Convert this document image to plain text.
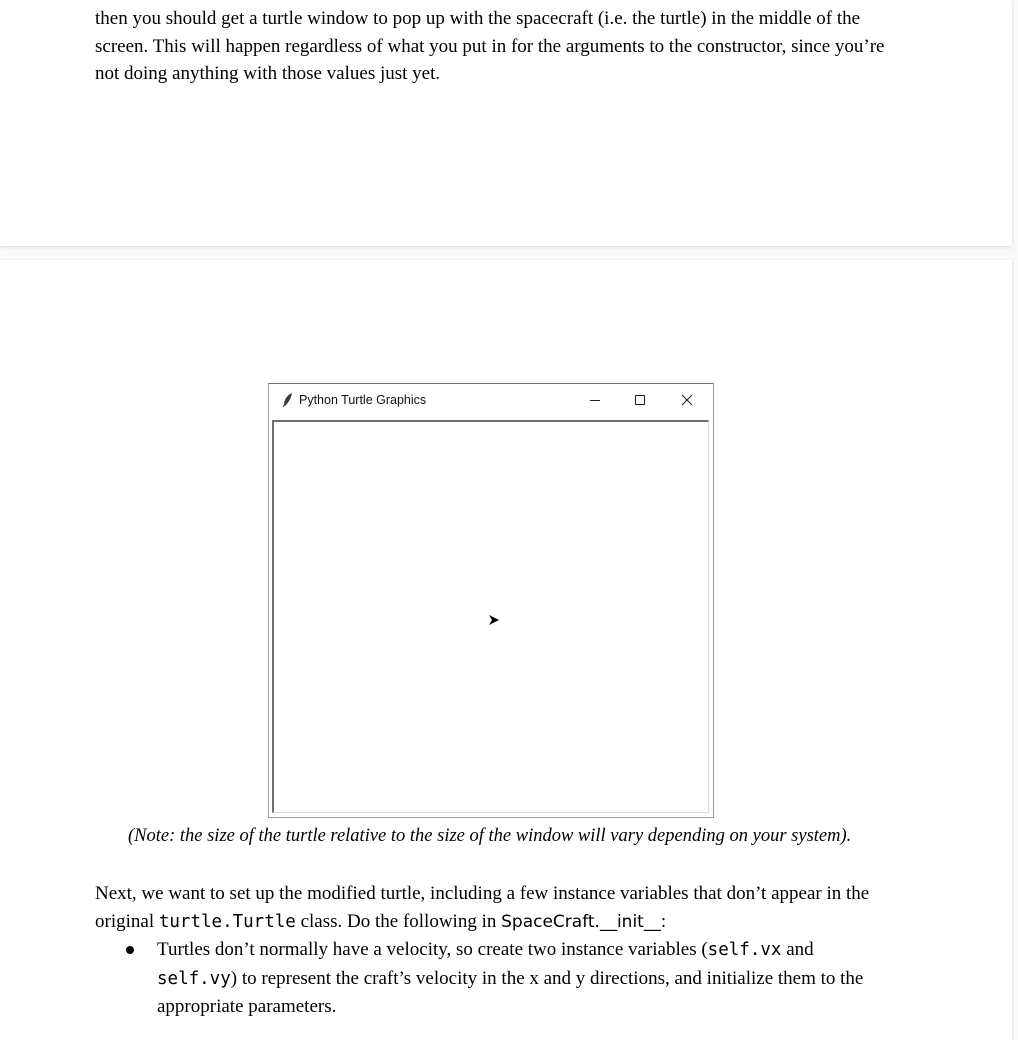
then you should get a turtle window to pop up with the spacecraft (i.e. the turtle) in the middle of the screen. This will happen regardless of what you put in for the arguments to the constructor, since you’re not doing anything with those values just yet.

Python Turtle Graphics

(Note: the size of the turtle relative to the size of the window will vary depending on your system).

Next, we want to set up the modified turtle, including a few instance variables that don’t appear in the original turtle.Turtle class. Do the following in SpaceCraft.__init__:

Turtles don’t normally have a velocity, so create two instance variables (self.vx and self.vy) to represent the craft’s velocity in the x and y directions, and initialize them to the appropriate parameters.
